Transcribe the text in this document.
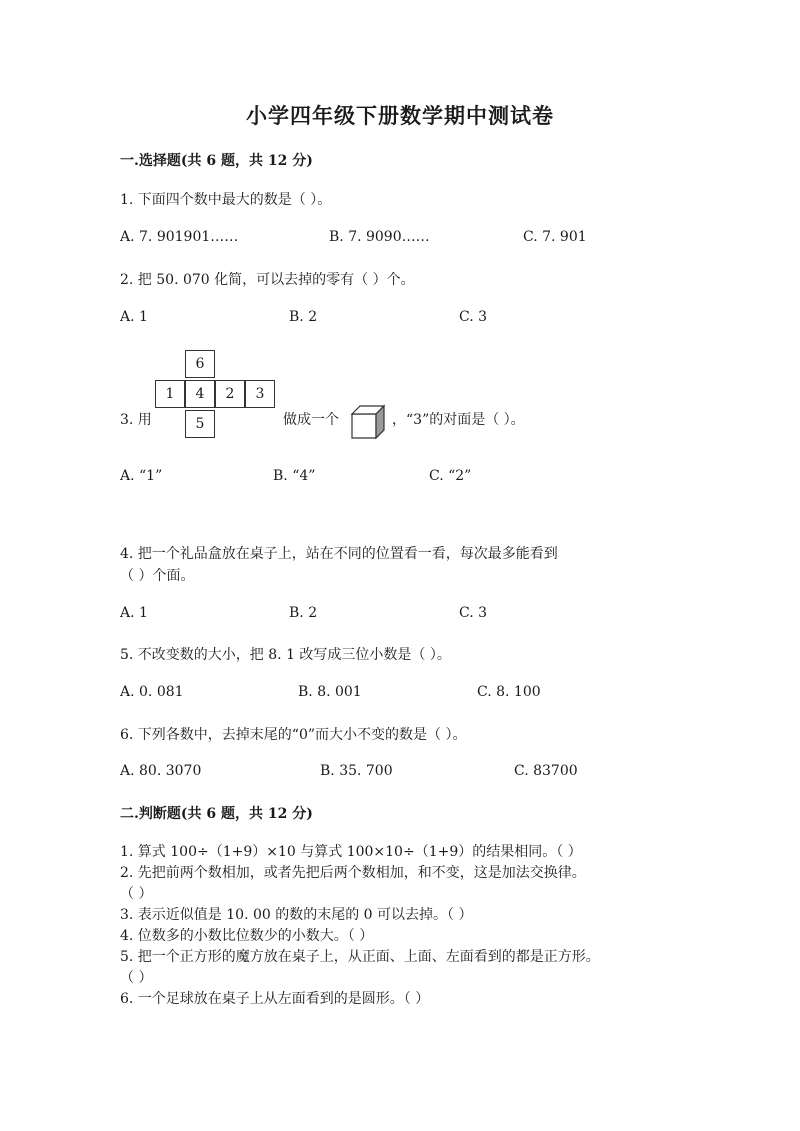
小学四年级下册数学期中测试卷
一.选择题(共 6 题，共 12 分)
1. 下面四个数中最大的数是（ ）。
A. 7. 901901……	B. 7. 9090……	C. 7. 901
2. 把 50. 070 化简，可以去掉的零有（ ）个。
A. 1	B. 2	C. 3
3. 用
6
1	4	2	3
5	做成一个	，“3”的对面是（ ）。
A. “1”	B. “4”	C. “2”
4. 把一个礼品盒放在桌子上，站在不同的位置看一看，每次最多能看到
（ ）个面。
A. 1	B. 2	C. 3
5. 不改变数的大小，把 8. 1 改写成三位小数是（ ）。
A. 0. 081	B. 8. 001	C. 8. 100
6. 下列各数中，去掉末尾的“0”而大小不变的数是（ ）。
A. 80. 3070	B. 35. 700	C. 83700
二.判断题(共 6 题，共 12 分)
1. 算式 100÷（1+9）×10 与算式 100×10÷（1+9）的结果相同。（ ）
2. 先把前两个数相加，或者先把后两个数相加，和不变，这是加法交换律。
（ ）
3. 表示近似值是 10. 00 的数的末尾的 0 可以去掉。（ ）
4. 位数多的小数比位数少的小数大。（ ）
5. 把一个正方形的魔方放在桌子上，从正面、上面、左面看到的都是正方形。
（ ）
6. 一个足球放在桌子上从左面看到的是圆形。（ ）
